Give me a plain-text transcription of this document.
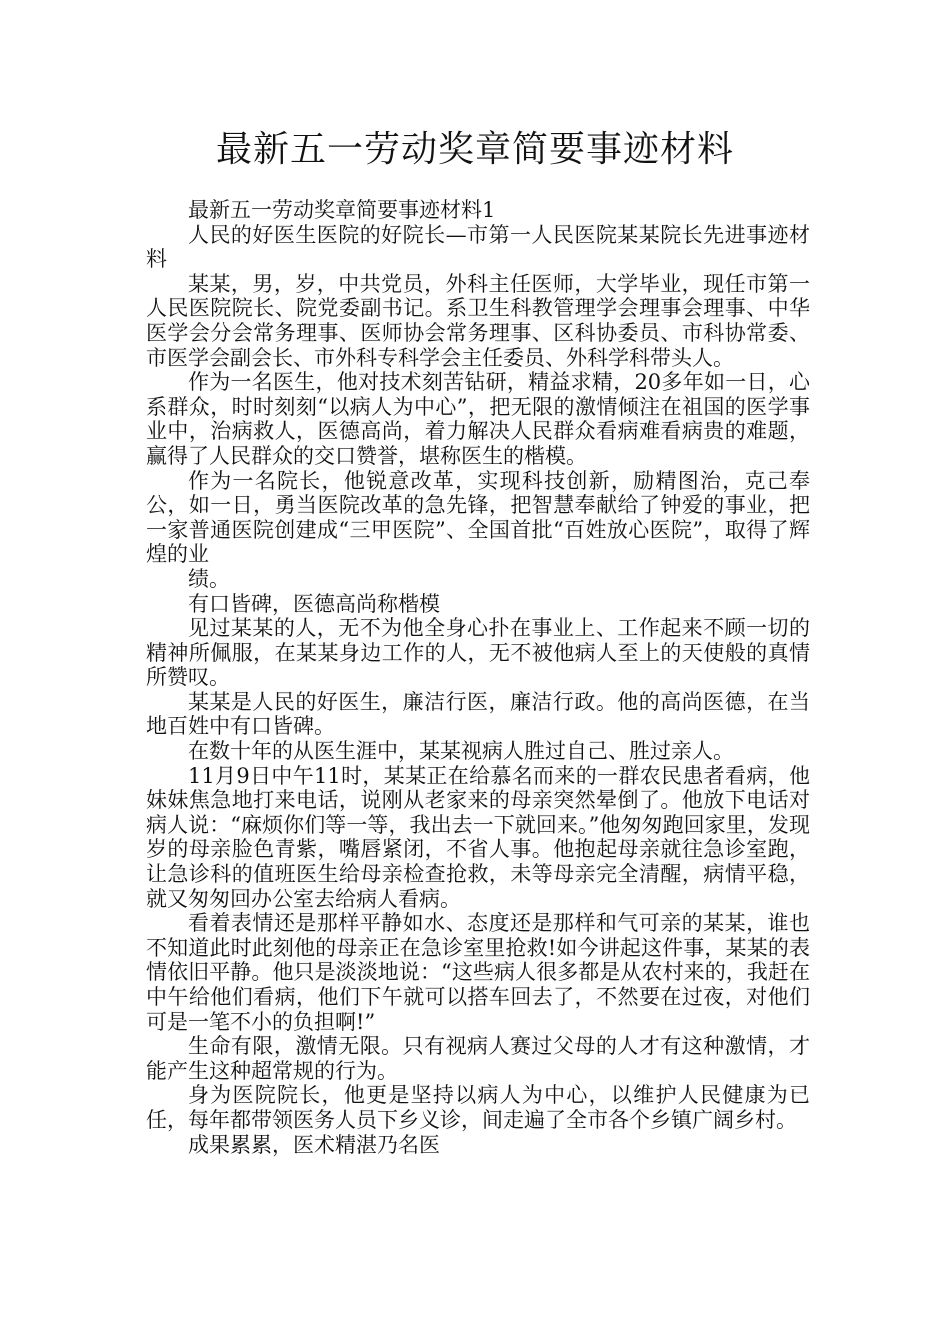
最新五一劳动奖章简要事迹材料

最新五一劳动奖章简要事迹材料1

人民的好医生医院的好院长—市第一人民医院某某院长先进事迹材料

某某，男，岁，中共党员，外科主任医师，大学毕业，现任市第一人民医院院长、院党委副书记。系卫生科教管理学会理事会理事、中华医学会分会常务理事、医师协会常务理事、区科协委员、市科协常委、市医学会副会长、市外科专科学会主任委员、外科学科带头人。

作为一名医生，他对技术刻苦钻研，精益求精，20多年如一日，心系群众，时时刻刻“以病人为中心”，把无限的激情倾注在祖国的医学事业中，治病救人，医德高尚，着力解决人民群众看病难看病贵的难题，赢得了人民群众的交口赞誉，堪称医生的楷模。

作为一名院长，他锐意改革，实现科技创新，励精图治，克己奉公，如一日，勇当医院改革的急先锋，把智慧奉献给了钟爱的事业，把一家普通医院创建成“三甲医院”、全国首批“百姓放心医院”，取得了辉煌的业

绩。

有口皆碑，医德高尚称楷模

见过某某的人，无不为他全身心扑在事业上、工作起来不顾一切的精神所佩服，在某某身边工作的人，无不被他病人至上的天使般的真情所赞叹。

某某是人民的好医生，廉洁行医，廉洁行政。他的高尚医德，在当地百姓中有口皆碑。

在数十年的从医生涯中，某某视病人胜过自己、胜过亲人。

11月9日中午11时，某某正在给慕名而来的一群农民患者看病，他妹妹焦急地打来电话，说刚从老家来的母亲突然晕倒了。他放下电话对病人说：“麻烦你们等一等，我出去一下就回来。”他匆匆跑回家里，发现岁的母亲脸色青紫，嘴唇紧闭，不省人事。他抱起母亲就往急诊室跑，让急诊科的值班医生给母亲检查抢救，未等母亲完全清醒，病情平稳，就又匆匆回办公室去给病人看病。

看着表情还是那样平静如水、态度还是那样和气可亲的某某，谁也不知道此时此刻他的母亲正在急诊室里抢救!如今讲起这件事，某某的表情依旧平静。他只是淡淡地说：“这些病人很多都是从农村来的，我赶在中午给他们看病，他们下午就可以搭车回去了，不然要在过夜，对他们可是一笔不小的负担啊!”

生命有限，激情无限。只有视病人赛过父母的人才有这种激情，才能产生这种超常规的行为。

身为医院院长，他更是坚持以病人为中心，以维护人民健康为已任，每年都带领医务人员下乡义诊，间走遍了全市各个乡镇广阔乡村。

成果累累，医术精湛乃名医
